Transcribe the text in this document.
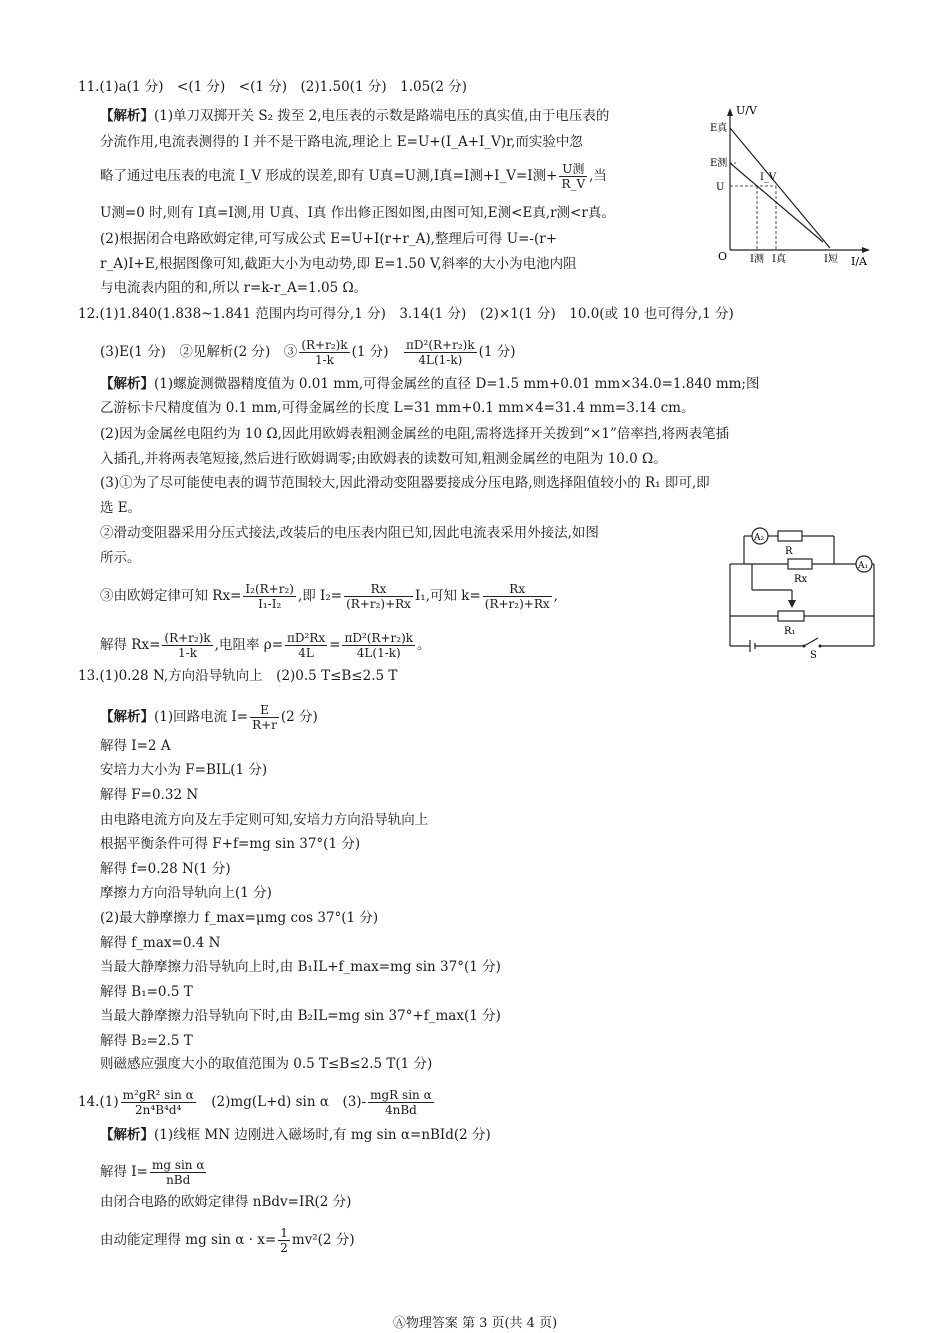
11.(1)a(1 分)　<(1 分)　<(1 分)　(2)1.50(1 分)　1.05(2 分)
【解析】(1)单刀双掷开关 S₂ 拨至 2,电压表的示数是路端电压的真实值,由于电压表的
分流作用,电流表测得的 I 并不是干路电流,理论上 E=U+(I_A+I_V)r,而实验中忽
略了通过电压表的电流 I_V 形成的误差,即有 U真=U测,I真=I测+I_V=I测+ U测
R_V ,当
U测=0 时,则有 I真=I测,用 U真、I真 作出修正图如图,由图可知,E测<E真,r测<r真。
(2)根据闭合电路欧姆定律,可写成公式 E=U+I(r+r_A),整理后可得 U=-(r+
r_A)I+E,根据图像可知,截距大小为电动势,即 E=1.50 V,斜率的大小为电池内阻
与电流表内阻的和,所以 r=k-r_A=1.05 Ω。
U/V
I/A
O
E真
E测
U
I_V
I测 I真	I短
12.(1)1.840(1.838~1.841 范围内均可得分,1 分)　3.14(1 分)　(2)×1(1 分)　10.0(或 10 也可得分,1 分)
(3)E(1 分)　②见解析(2 分)　③ $\frac{\text{(R+r₂)k}}{1-k} (1$ 分)　 $\frac{\text{πD²(R+r₂)k}}{4L(1-k)} (1$ 分)
【解析】(1)螺旋测微器精度值为 0.01 mm,可得金属丝的直径 D=1.5 mm+0.01 mm×34.0=1.840 mm;图
乙游标卡尺精度值为 0.1 mm,可得金属丝的长度 L=31 mm+0.1 mm×4=31.4 mm=3.14 cm。
(2)因为金属丝电阻约为 10 Ω,因此用欧姆表粗测金属丝的电阻,需将选择开关拨到“×1”倍率挡,将两表笔插
入插孔,并将两表笔短接,然后进行欧姆调零;由欧姆表的读数可知,粗测金属丝的电阻为 10.0 Ω。
(3)①为了尽可能使电表的调节范围较大,因此滑动变阻器要接成分压电路,则选择阻值较小的 R₁ 即可,即
选 E。
②滑动变阻器采用分压式接法,改装后的电压表内阻已知,因此电流表采用外接法,如图
所示。
③由欧姆定律可知 $Rx= \frac{\text{I₂(R+r₂)}}{\text{I₁-I₂}}$ ,即 $I_2= \frac{Rx}{\text{(R+r₂)+Rx}} I_1$,可知 $k= \frac{Rx}{\text{(R+r₂)+Rx}}$ ,
解得 $Rx= \frac{\text{(R+r₂)k}}{1-k}$ ,电阻率 $\rho= \frac{\text{πD²Rx}}{4L} = \frac{\text{πD²(R+r₂)k}}{4L(1-k)}$ 。
A₂
R
Rx
A₁
R₁
S
13.(1)0.28 N,方向沿导轨向上　(2)0.5 T≤B≤2.5 T
【解析】(1)回路电流 $I= \frac{E}{R+r} (2$ 分)
解得 I=2 A
安培力大小为 F=BIL(1 分)
解得 F=0.32 N
由电路电流方向及左手定则可知,安培力方向沿导轨向上
根据平衡条件可得 F+f=mg sin 37°(1 分)
解得 f=0.28 N(1 分)
摩擦力方向沿导轨向上(1 分)
(2)最大静摩擦力 f_max=μmg cos 37°(1 分)
解得 f_max=0.4 N
当最大静摩擦力沿导轨向上时,由 B₁IL+f_max=mg sin 37°(1 分)
解得 B₁=0.5 T
当最大静摩擦力沿导轨向下时,由 B₂IL=mg sin 37°+f_max(1 分)
解得 B₂=2.5 T
则磁感应强度大小的取值范围为 0.5 T≤B≤2.5 T(1 分)
$14.(1) \frac{\text{m²gR² sin α}}{\text{2n⁴B⁴d⁴}}$ 　(2)mg(L+d) sin α　(3)- mgR sin α
4nBd
【解析】(1)线框 MN 边刚进入磁场时,有 mg sin α=nBId(2 分)
解得 I= mg sin α
nBd
由闭合电路的欧姆定律得 nBdv=IR(2 分)
由动能定理得 mg $\sin \alpha \cdot x= \frac{1}{2} mv^2(2$ 分)
Ⓐ物理答案 第 3 页(共 4 页)
